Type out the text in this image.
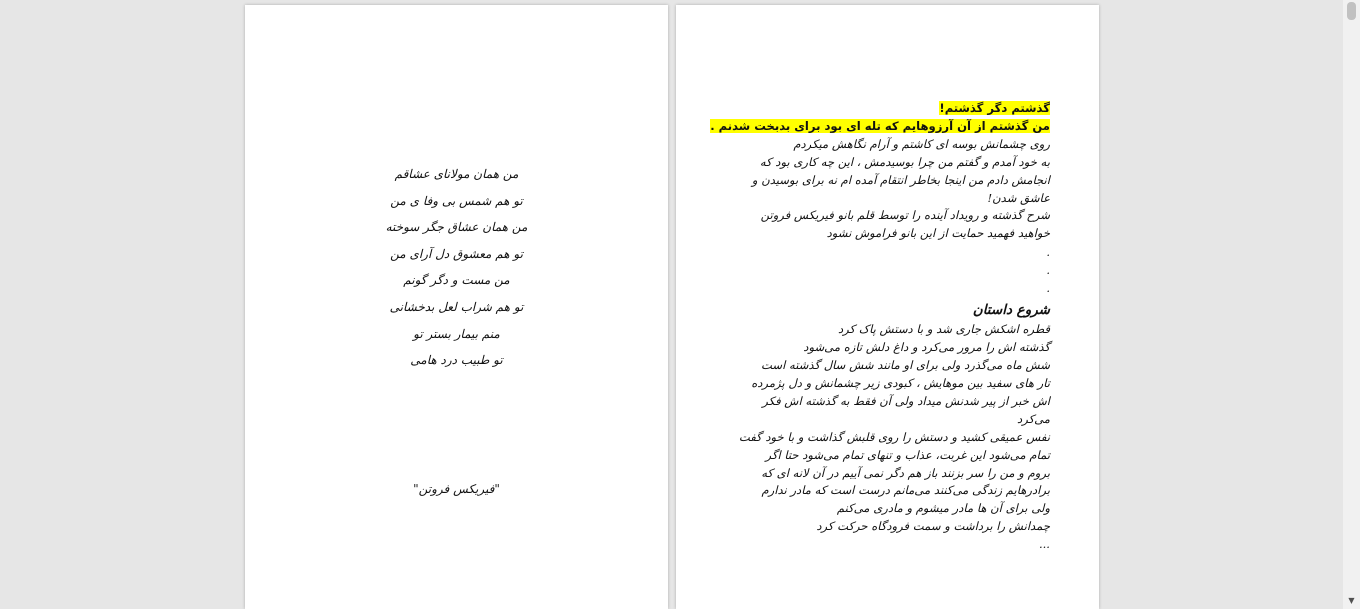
من همان مولانای عشاقم
تو هم شمس بی وفا ی من
من همان عشاق جگر سوخته
تو هم معشوق دل آرای من
من مست و دگر گونم
تو هم شراب لعل بدخشانی
منم بیمار بستر تو
تو طبیب درد هامی
"فیریکس فروتن"
گذشتم دگر گذشتم!
من گذشتم از آن آرزوهایم که تله ای بود برای بدبخت شدنم .
روی چشمانش بوسه ای کاشتم و آرام نگاهش میکردم
به خود آمدم و گفتم من چرا بوسیدمش ، این چه کاری بود که
انجامش دادم من اینجا بخاطر انتقام آمده ام نه برای بوسیدن و
عاشق شدن!
شرح گذشته و رویداد آینده را توسط قلم بانو فیریکس فروتن
خواهید فهمید حمایت از این بانو فراموش نشود
.
.
.
شروع داستان
قطره اشکش جاری شد و با دستش پاک کرد
گذشته اش را مرور می‌کرد و داغ دلش تازه می‌شود
شش ماه می‌گذرد ولی برای او مانند شش سال گذشته است
تار های سفید بین موهایش ، کبودی زیر چشمانش و دل پژمرده
اش خبر از پیر شدنش میداد ولی آن فقط به گذشته اش فکر
می‌کرد
نفس عمیقی کشید و دستش را روی قلبش گذاشت و با خود گفت
تمام می‌شود این غربت، عذاب و تنهای تمام می‌شود حتا اگر
بروم و من را سر بزنند باز هم دگر نمی آییم در آن لانه ای که
برادرهایم زندگی می‌کنند می‌مانم درست است که مادر ندارم
ولی برای آن ها مادر میشوم و مادری می‌کنم
چمدانش را برداشت و سمت فرودگاه حرکت کرد
...
▼
